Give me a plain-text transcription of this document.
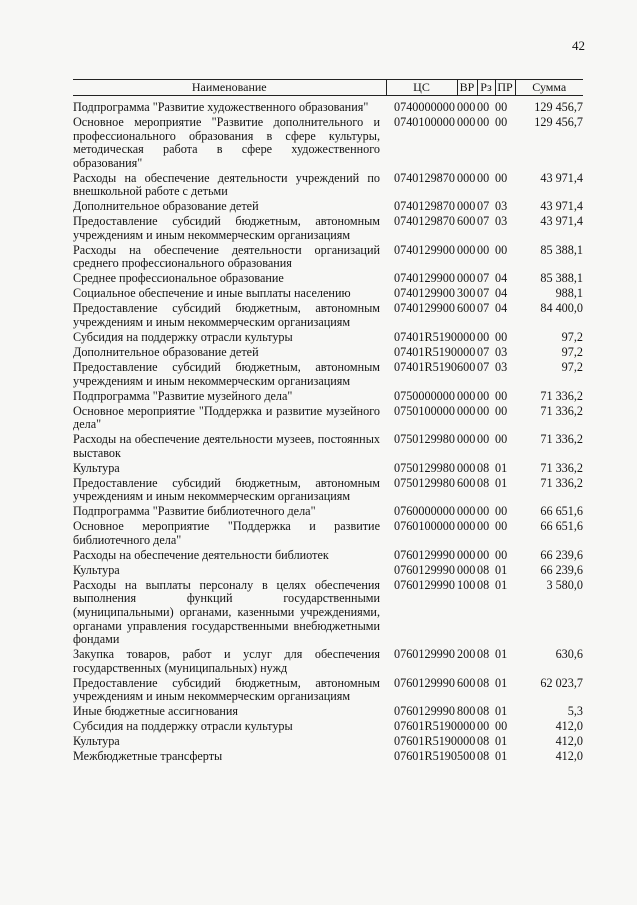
42
Наименование	ЦС	ВР	Рз	ПР	Сумма

Подпрограмма "Развитие художественного образования"	0740000000	000	00	00	129 456,7
Основное мероприятие "Развитие дополнительного и профессионального образования в сфере культуры, методическая работа в сфере художественного образования"	0740100000	000	00	00	129 456,7
Расходы на обеспечение деятельности учреждений по внешкольной работе с детьми	0740129870	000	00	00	43 971,4
Дополнительное образование детей	0740129870	000	07	03	43 971,4
Предоставление субсидий бюджетным, автономным учреждениям и иным некоммерческим организациям	0740129870	600	07	03	43 971,4
Расходы на обеспечение деятельности организаций среднего профессионального образования	0740129900	000	00	00	85 388,1
Среднее профессиональное образование	0740129900	000	07	04	85 388,1
Социальное обеспечение и иные выплаты населению	0740129900	300	07	04	988,1
Предоставление субсидий бюджетным, автономным учреждениям и иным некоммерческим организациям	0740129900	600	07	04	84 400,0
Субсидия на поддержку отрасли культуры	07401R5190	000	00	00	97,2
Дополнительное образование детей	07401R5190	000	07	03	97,2
Предоставление субсидий бюджетным, автономным учреждениям и иным некоммерческим организациям	07401R5190	600	07	03	97,2
Подпрограмма "Развитие музейного дела"	0750000000	000	00	00	71 336,2
Основное мероприятие "Поддержка и развитие музейного дела"	0750100000	000	00	00	71 336,2
Расходы на обеспечение деятельности музеев, постоянных выставок	0750129980	000	00	00	71 336,2
Культура	0750129980	000	08	01	71 336,2
Предоставление субсидий бюджетным, автономным учреждениям и иным некоммерческим организациям	0750129980	600	08	01	71 336,2
Подпрограмма "Развитие библиотечного дела"	0760000000	000	00	00	66 651,6
Основное мероприятие "Поддержка и развитие библиотечного дела"	0760100000	000	00	00	66 651,6
Расходы на обеспечение деятельности библиотек	0760129990	000	00	00	66 239,6
Культура	0760129990	000	08	01	66 239,6
Расходы на выплаты персоналу в целях обеспечения выполнения функций государственными (муниципальными) органами, казенными учреждениями, органами управления государственными внебюджетными фондами	0760129990	100	08	01	3 580,0
Закупка товаров, работ и услуг для обеспечения государственных (муниципальных) нужд	0760129990	200	08	01	630,6
Предоставление субсидий бюджетным, автономным учреждениям и иным некоммерческим организациям	0760129990	600	08	01	62 023,7
Иные бюджетные ассигнования	0760129990	800	08	01	5,3
Субсидия на поддержку отрасли культуры	07601R5190	000	00	00	412,0
Культура	07601R5190	000	08	01	412,0
Межбюджетные трансферты	07601R5190	500	08	01	412,0
